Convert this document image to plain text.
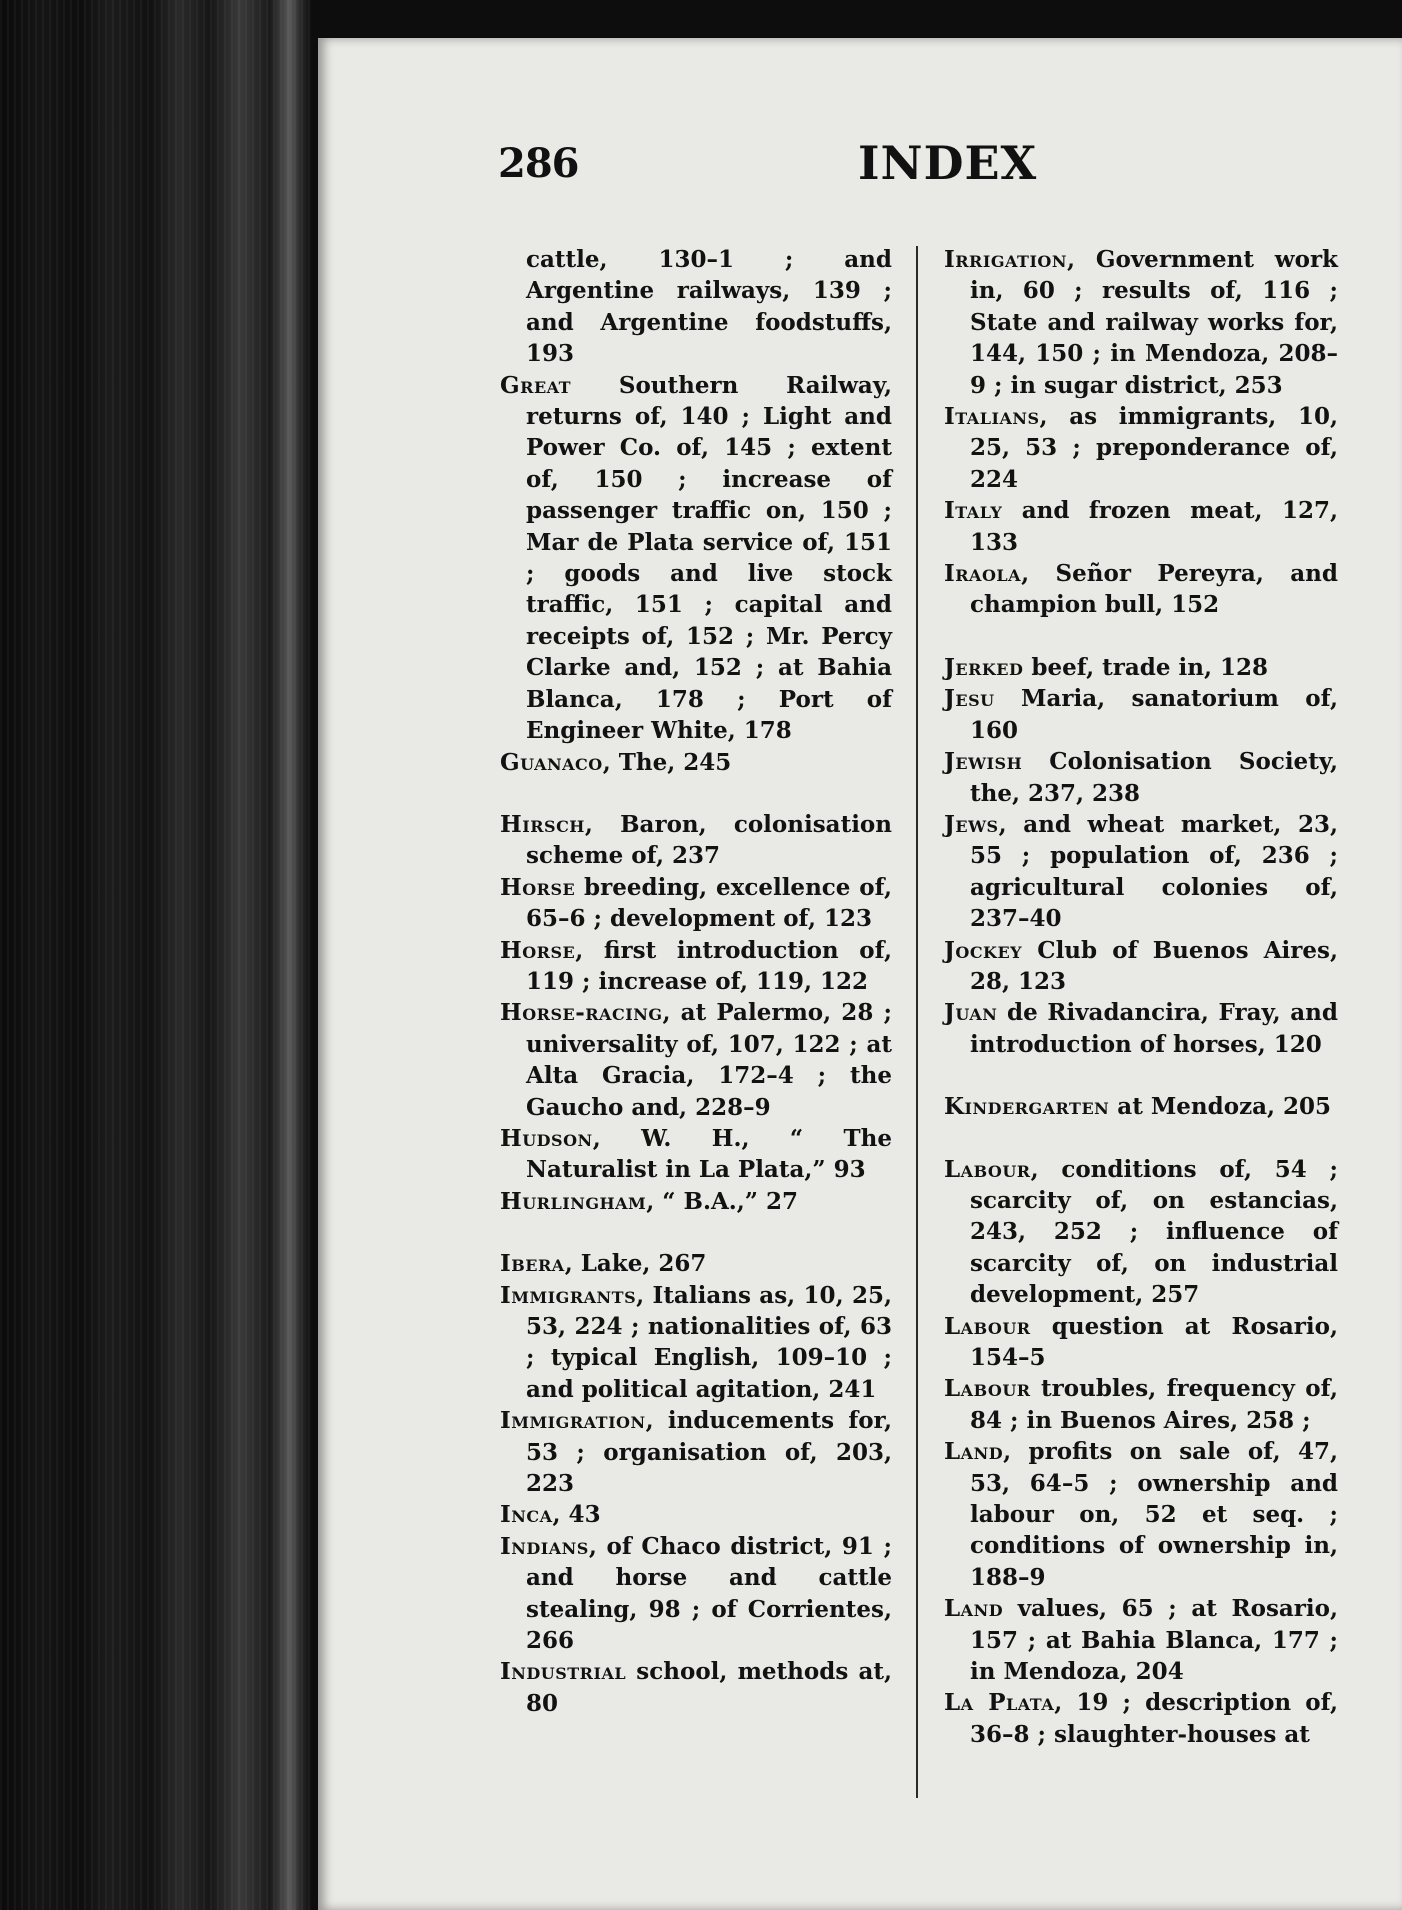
286	INDEX

cattle, 130–1 ; and Argentine railways, 139 ; and Argentine foodstuffs, 193

Great Southern Railway, returns of, 140 ; Light and Power Co. of, 145 ; extent of, 150 ; increase of passenger traffic on, 150 ; Mar de Plata service of, 151 ; goods and live stock traffic, 151 ; capital and receipts of, 152 ; Mr. Percy Clarke and, 152 ; at Bahia Blanca, 178 ; Port of Engineer White, 178

Guanaco, The, 245

Hirsch, Baron, colonisation scheme of, 237

Horse breeding, excellence of, 65–6 ; development of, 123

Horse, first introduction of, 119 ; increase of, 119, 122

Horse-racing, at Palermo, 28 ; universality of, 107, 122 ; at Alta Gracia, 172–4 ; the Gaucho and, 228–9

Hudson, W. H., “ The Naturalist in La Plata,” 93

Hurlingham, “ B.A.,” 27

Ibera, Lake, 267

Immigrants, Italians as, 10, 25, 53, 224 ; nationalities of, 63 ; typical English, 109–10 ; and political agitation, 241

Immigration, inducements for, 53 ; organisation of, 203, 223

Inca, 43

Indians, of Chaco district, 91 ; and horse and cattle stealing, 98 ; of Corrientes, 266

Industrial school, methods at, 80

Irrigation, Government work in, 60 ; results of, 116 ; State and railway works for, 144, 150 ; in Mendoza, 208–9 ; in sugar district, 253

Italians, as immigrants, 10, 25, 53 ; preponderance of, 224

Italy and frozen meat, 127, 133

Iraola, Señor Pereyra, and champion bull, 152

Jerked beef, trade in, 128

Jesu Maria, sanatorium of, 160

Jewish Colonisation Society, the, 237, 238

Jews, and wheat market, 23, 55 ; population of, 236 ; agricultural colonies of, 237–40

Jockey Club of Buenos Aires, 28, 123

Juan de Rivadancira, Fray, and introduction of horses, 120

Kindergarten at Mendoza, 205

Labour, conditions of, 54 ; scarcity of, on estancias, 243, 252 ; influence of scarcity of, on industrial development, 257

Labour question at Rosario, 154–5

Labour troubles, frequency of, 84 ; in Buenos Aires, 258 ;

Land, profits on sale of, 47, 53, 64–5 ; ownership and labour on, 52 et seq. ; conditions of ownership in, 188–9

Land values, 65 ; at Rosario, 157 ; at Bahia Blanca, 177 ; in Mendoza, 204

La Plata, 19 ; description of, 36–8 ; slaughter-houses at
